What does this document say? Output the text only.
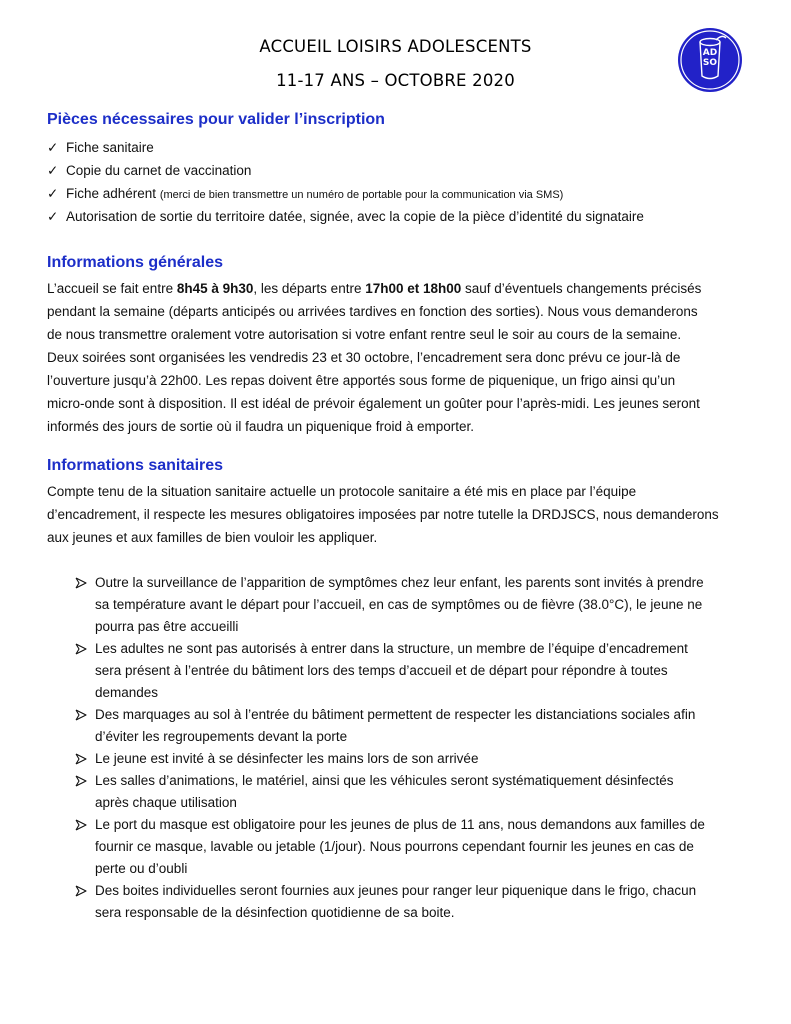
ACCUEIL LOISIRS ADOLESCENTS
11-17 ANS – OCTOBRE 2020
AD
SO
Pièces nécessaires pour valider l’inscription
✓ Fiche sanitaire
✓ Copie du carnet de vaccination
✓ Fiche adhérent (merci de bien transmettre un numéro de portable pour la communication via SMS)
✓ Autorisation de sortie du territoire datée, signée, avec la copie de la pièce d’identité du signataire
Informations générales

L’accueil se fait entre 8h45 à 9h30, les départs entre 17h00 et 18h00 sauf d’éventuels changements précisés

pendant la semaine (départs anticipés ou arrivées tardives en fonction des sorties). Nous vous demanderons

de nous transmettre oralement votre autorisation si votre enfant rentre seul le soir au cours de la semaine.

Deux soirées sont organisées les vendredis 23 et 30 octobre, l’encadrement sera donc prévu ce jour-là de

l’ouverture jusqu’à 22h00. Les repas doivent être apportés sous forme de piquenique, un frigo ainsi qu’un

micro-onde sont à disposition. Il est idéal de prévoir également un goûter pour l’après-midi. Les jeunes seront

informés des jours de sortie où il faudra un piquenique froid à emporter.

Informations sanitaires

Compte tenu de la situation sanitaire actuelle un protocole sanitaire a été mis en place par l’équipe

d’encadrement, il respecte les mesures obligatoires imposées par notre tutelle la DRDJSCS, nous demanderons

aux jeunes et aux familles de bien vouloir les appliquer.

Outre la surveillance de l’apparition de symptômes chez leur enfant, les parents sont invités à prendre

sa température avant le départ pour l’accueil, en cas de symptômes ou de fièvre (38.0°C), le jeune ne

pourra pas être accueilli

Les adultes ne sont pas autorisés à entrer dans la structure, un membre de l’équipe d’encadrement

sera présent à l’entrée du bâtiment lors des temps d’accueil et de départ pour répondre à toutes

demandes

Des marquages au sol à l’entrée du bâtiment permettent de respecter les distanciations sociales afin

d’éviter les regroupements devant la porte

Le jeune est invité à se désinfecter les mains lors de son arrivée

Les salles d’animations, le matériel, ainsi que les véhicules seront systématiquement désinfectés

après chaque utilisation

Le port du masque est obligatoire pour les jeunes de plus de 11 ans, nous demandons aux familles de

fournir ce masque, lavable ou jetable (1/jour). Nous pourrons cependant fournir les jeunes en cas de

perte ou d’oubli

Des boites individuelles seront fournies aux jeunes pour ranger leur piquenique dans le frigo, chacun

sera responsable de la désinfection quotidienne de sa boite.
